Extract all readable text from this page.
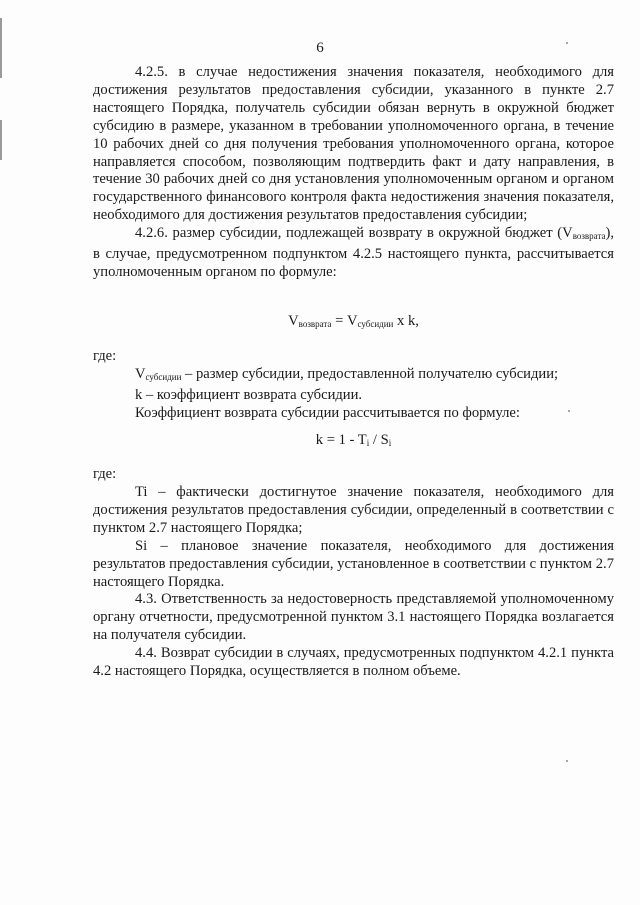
6

4.2.5. в случае недостижения значения показателя, необходимого для достижения результатов предоставления субсидии, указанного в пункте 2.7 настоящего Порядка, получатель субсидии обязан вернуть в окружной бюджет субсидию в размере, указанном в требовании уполномоченного органа, в течение 10 рабочих дней со дня получения требования уполномоченного органа, которое направляется способом, позволяющим подтвердить факт и дату направления, в течение 30 рабочих дней со дня установления уполномоченным органом и органом государственного финансового контроля факта недостижения значения показателя, необходимого для достижения результатов предоставления субсидии;

4.2.6. размер субсидии, подлежащей возврату в окружной бюджет $(V_{возврата})$, в случае, предусмотренном подпунктом 4.2.5 настоящего пункта, рассчитывается уполномоченным органом по формуле:

$V_{возврата} = V_{субсидии}$ x k,

где:

$V_{субсидии}$ – размер субсидии, предоставленной получателю субсидии;

k – коэффициент возврата субсидии.

Коэффициент возврата субсидии рассчитывается по формуле:

$k = 1 - T_i / S_i$

где:

Ti – фактически достигнутое значение показателя, необходимого для достижения результатов предоставления субсидии, определенный в соответствии с пунктом 2.7 настоящего Порядка;

Si – плановое значение показателя, необходимого для достижения результатов предоставления субсидии, установленное в соответствии с пунктом 2.7 настоящего Порядка.

4.3. Ответственность за недостоверность представляемой уполномоченному органу отчетности, предусмотренной пунктом 3.1 настоящего Порядка возлагается на получателя субсидии.

4.4. Возврат субсидии в случаях, предусмотренных подпунктом 4.2.1 пункта 4.2 настоящего Порядка, осуществляется в полном объеме.
